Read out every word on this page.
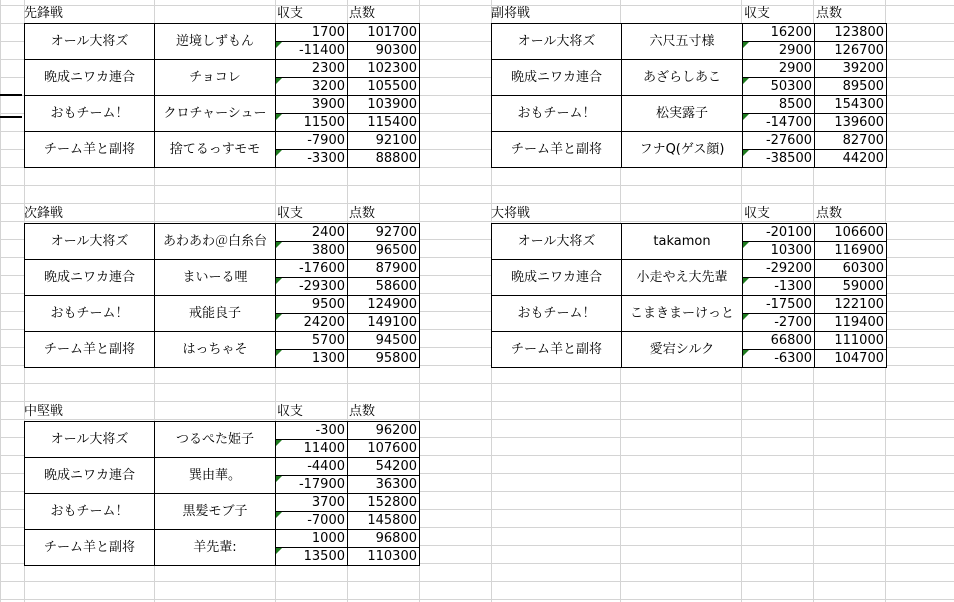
先鋒戦	収支	点数
オール大将ズ	逆境しずもん	1700	101700
		-11400	90300
晩成ニワカ連合	チョコレ	2300	102300
		3200	105500
おもチーム！	クロチャーシュー	3900	103900
		11500	115400
チーム羊と副将	捨てるっすモモ	-7900	92100
		-3300	88800
副将戦	収支	点数
オール大将ズ	六尺五寸様	16200	123800
		2900	126700
晩成ニワカ連合	あざらしあこ	2900	39200
		50300	89500
おもチーム！	松実露子	8500	154300
		-14700	139600
チーム羊と副将	フナQ(ゲス顔)	-27600	82700
		-38500	44200
次鋒戦	収支	点数
オール大将ズ	あわあわ＠白糸台	2400	92700
		3800	96500
晩成ニワカ連合	まいーる哩	-17600	87900
		-29300	58600
おもチーム！	戒能良子	9500	124900
		24200	149100
チーム羊と副将	はっちゃそ	5700	94500
		1300	95800
大将戦	収支	点数
オール大将ズ	takamon	-20100	106600
		10300	116900
晩成ニワカ連合	小走やえ大先輩	-29200	60300
		-1300	59000
おもチーム！	こまきまーけっと	-17500	122100
		-2700	119400
チーム羊と副将	愛宕シルク	66800	111000
		-6300	104700
中堅戦	収支	点数
オール大将ズ	つるぺた姫子	-300	96200
		11400	107600
晩成ニワカ連合	巽由華。	-4400	54200
		-17900	36300
おもチーム！	黒髪モブ子	3700	152800
		-7000	145800
チーム羊と副将	羊先輩:	1000	96800
		13500	110300
